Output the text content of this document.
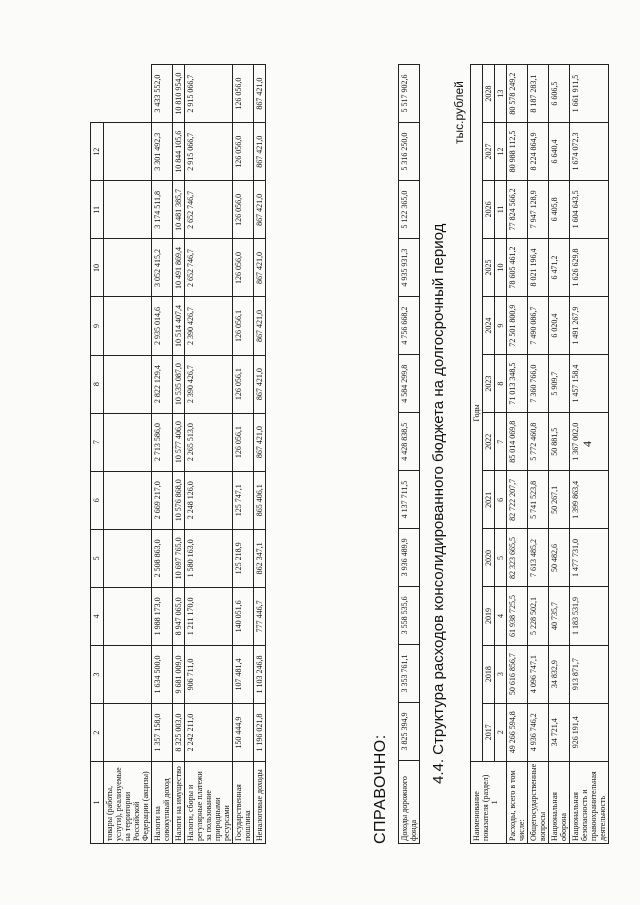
1	2	3	4	5	6	7	8	9	10	11	12	
товары (работы, услуги), реализуемые на территории Российской Федерации (акцизы)												
Налоги на совокупный доход	1 357 158,0	1 634 500,0	1 988 173,0	2 508 863,0	2 669 217,0	2 713 586,0	2 822 129,4	2 935 014,6	3 052 415,2	3 174 511,8	3 301 492,3	3 433 552,0
Налоги на имущество	8 325 003,0	9 681 009,0	8 947 065,0	10 697 765,0	10 576 868,0	10 577 406,0	10 535 087,0	10 514 407,4	10 491 869,4	10 481 385,7	10 844 105,6	10 810 954,0
Налоги, сборы и регулярные платежи за пользование природными ресурсами	2 242 211,0	906 711,0	1 211 170,0	1 580 163,0	2 248 126,0	2 265 513,0	2 390 426,7	2 390 426,7	2 652 746,7	2 652 746,7	2 915 066,7	2 915 066,7
Государственная пошлина	150 444,9	107 481,4	140 051,6	125 218,9	125 747,1	126 056,1	126 056,1	126 056,1	126 056,0	126 056,0	126 056,0	126 056,0
Неналоговые доходы	1 196 021,8	1 103 246,8	777 446,7	862 347,1	865 406,1	867 421,0	867 421,0	867 421,0	867 421,0	867 421,0	867 421,0	867 421,0
СПРАВОЧНО: Доходы дорожного фонда	3 825 394,9	3 353 761,1	3 558 535,6	3 936 489,9	4 137 711,5	4 428 838,5	4 584 299,8	4 756 668,2	4 935 931,3	5 122 365,0	5 316 250,0	5 517 902,6
4.4. Структура расходов консолидированного бюджета на долгосрочный период
тыс.рублей
Наименование показателя (раздел) 1	Годы											
	2017	2018	2019	2020	2021	2022	2023	2024	2025	2026	2027	2028
	2	3	4	5	6	7	8	9	10	11	12	13
Расходы, всего в том числе:	49 266 594,8	50 616 856,7	61 938 725,5	82 323 665,5	82 722 207,7	85 014 069,8	71 013 348,5	72 501 800,9	78 605 461,2	77 824 566,2	80 988 112,5	80 578 249,2
Общегосударственные вопросы	4 936 746,2	4 096 747,1	5 228 502,1	7 613 485,2	5 741 523,8	5 772 460,8	7 360 766,0	7 490 086,7	8 021 196,4	7 947 128,9	8 224 864,9	8 187 283,1
Национальная оборона	34 721,4	34 832,9	40 735,7	50 482,6	50 267,1	50 881,5	5 909,7	6 020,4	6 471,2	6 405,8	6 640,4	6 606,5
Национальная безопасность и правоохранительная деятельность	926 191,4	913 871,7	1 183 531,9	1 477 731,0	1 399 863,4	1 367 002,0	1 457 158,4	1 491 267,9	1 626 629,8	1 604 643,5	1 674 072,3	1 661 911,5
4
